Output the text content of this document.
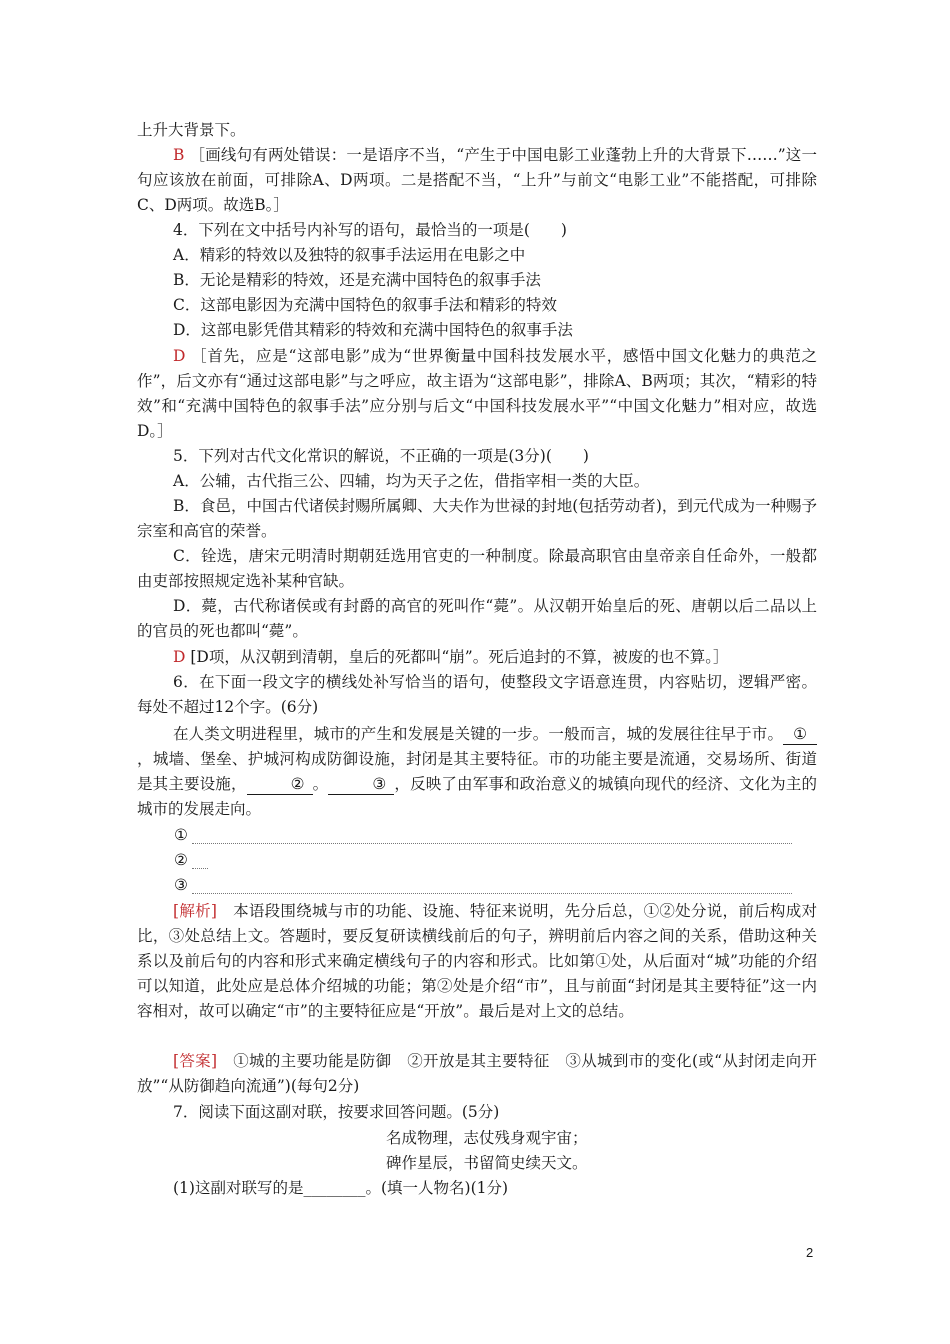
上升大背景下。
B ［画线句有两处错误：一是语序不当，“产生于中国电影工业蓬勃上升的大背景下……”这一句应该放在前面，可排除A、D两项。二是搭配不当，“上升”与前文“电影工业”不能搭配，可排除C、D两项。故选B。］
4．下列在文中括号内补写的语句，最恰当的一项是(　　)
A．精彩的特效以及独特的叙事手法运用在电影之中
B．无论是精彩的特效，还是充满中国特色的叙事手法
C．这部电影因为充满中国特色的叙事手法和精彩的特效
D．这部电影凭借其精彩的特效和充满中国特色的叙事手法
D ［首先，应是“这部电影”成为“世界衡量中国科技发展水平，感悟中国文化魅力的典范之作”，后文亦有“通过这部电影”与之呼应，故主语为“这部电影”，排除A、B两项；其次，“精彩的特效”和“充满中国特色的叙事手法”应分别与后文“中国科技发展水平”“中国文化魅力”相对应，故选 D。］
5．下列对古代文化常识的解说，不正确的一项是(3分)(　　)
A．公辅，古代指三公、四辅，均为天子之佐，借指宰相一类的大臣。
B．食邑，中国古代诸侯封赐所属卿、大夫作为世禄的封地(包括劳动者)，到元代成为一种赐予宗室和高官的荣誉。
C．铨选，唐宋元明清时期朝廷选用官吏的一种制度。除最高职官由皇帝亲自任命外，一般都由吏部按照规定选补某种官缺。
D．薨，古代称诸侯或有封爵的高官的死叫作“薨”。从汉朝开始皇后的死、唐朝以后二品以上的官员的死也都叫“薨”。
D [D项，从汉朝到清朝，皇后的死都叫“崩”。死后追封的不算，被废的也不算。］
6．在下面一段文字的横线处补写恰当的语句，使整段文字语意连贯，内容贴切，逻辑严密。每处不超过12个字。(6分)
在人类文明进程里，城市的产生和发展是关键的一步。一般而言，城的发展往往早于市。 ①，城墙、堡垒、护城河构成防御设施，封闭是其主要特征。市的功能主要是流通，交易场所、街道是其主要设施，	② 。	③ ，反映了由军事和政治意义的城镇向现代的经济、文化为主的城市的发展走向。
①
②
③
[解析]　 本语段围绕城与市的功能、设施、特征来说明，先分后总，①②处分说，前后构成对比，③处总结上文。答题时，要反复研读横线前后的句子，辨明前后内容之间的关系，借助这种关系以及前后句的内容和形式来确定横线句子的内容和形式。比如第①处，从后面对“城”功能的介绍可以知道，此处应是总体介绍城的功能；第②处是介绍“市”，且与前面“封闭是其主要特征”这一内容相对，故可以确定“市”的主要特征应是“开放”。最后是对上文的总结。
[答案]　 ①城的主要功能是防御　②开放是其主要特征　③从城到市的变化(或“从封闭走向开放”“从防御趋向流通”)(每句2分)
7．阅读下面这副对联，按要求回答问题。(5分)
名成物理，志仗残身观宇宙；
碑作星辰，书留简史续天文。
(1)这副对联写的是________。(填一人物名)(1分)
2
